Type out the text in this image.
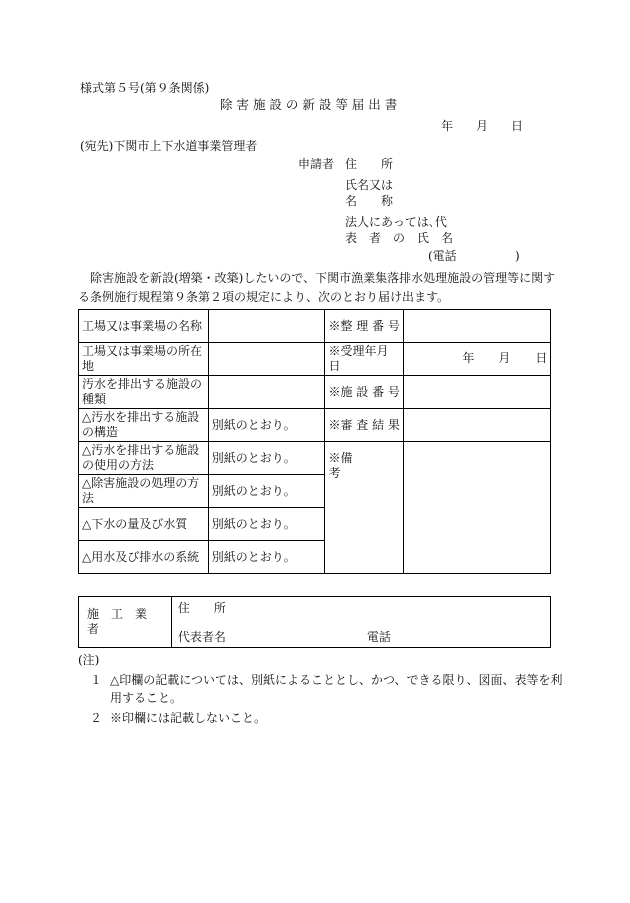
様式第５号(第９条関係)
除 害 施 設 の 新 設 等 届 出 書
年 月 日
(宛先)下関市上下水道事業管理者
申請者 住　　所
氏名又は
名　　称
法人にあっては､代
表　者　の　氏　名
(電話	)
除害施設を新設(増築・改築)したいので、下関市漁業集落排水処理施設の管理等に関す
る条例施行規程第９条第２項の規定により、次のとおり届け出ます。
工場又は事業場の名称		※整 理 番 号	
工場又は事業場の所在地		※受理年月日	年 月 日

汚水を排出する施設の種類		※施 設 番 号	
△汚水を排出する施設の構造	別紙のとおり。	※審 査 結 果	
△汚水を排出する施設の使用の方法	別紙のとおり。	※備　　　考	
△除害施設の処理の方法	別紙のとおり。		
△下水の量及び水質	別紙のとおり。		
△用水及び排水の系統	別紙のとおり。		
施　工　業　者	
住　　所
代表者名	電話
(注)
１ △印欄の記載については、別紙によることとし、かつ、できる限り、図面、表等を利
用すること。
２ ※印欄には記載しないこと。
